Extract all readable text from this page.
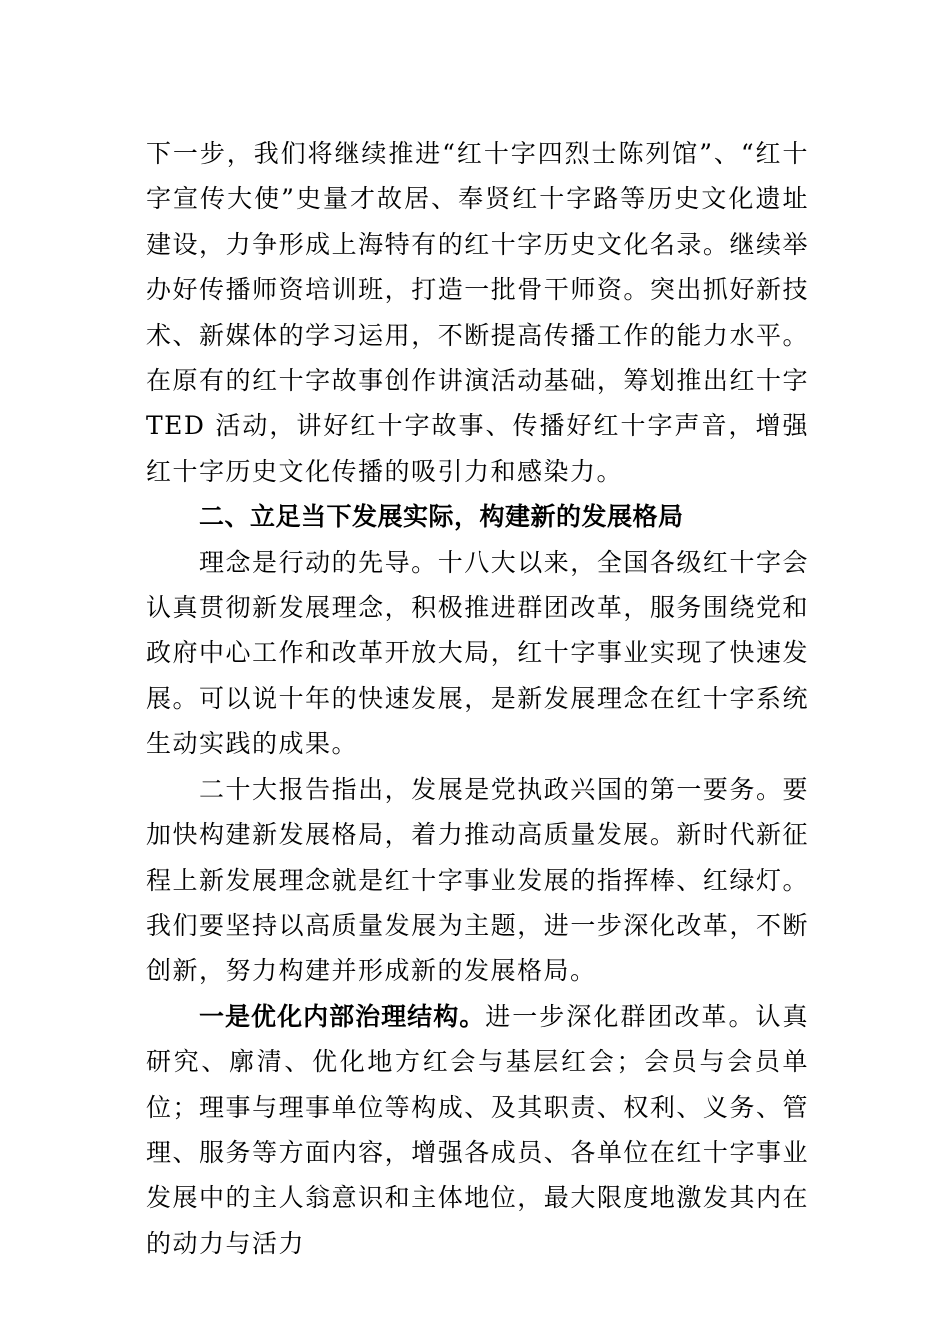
下一步，我们将继续推进“红十字四烈士陈列馆”、“红十字宣传大使”史量才故居、奉贤红十字路等历史文化遗址建设，力争形成上海特有的红十字历史文化名录。继续举办好传播师资培训班，打造一批骨干师资。突出抓好新技术、新媒体的学习运用，不断提高传播工作的能力水平。在原有的红十字故事创作讲演活动基础，筹划推出红十字 TED 活动，讲好红十字故事、传播好红十字声音，增强红十字历史文化传播的吸引力和感染力。

二、立足当下发展实际，构建新的发展格局

理念是行动的先导。十八大以来，全国各级红十字会认真贯彻新发展理念，积极推进群团改革，服务围绕党和政府中心工作和改革开放大局，红十字事业实现了快速发展。可以说十年的快速发展，是新发展理念在红十字系统生动实践的成果。

二十大报告指出，发展是党执政兴国的第一要务。要加快构建新发展格局，着力推动高质量发展。新时代新征程上新发展理念就是红十字事业发展的指挥棒、红绿灯。我们要坚持以高质量发展为主题，进一步深化改革，不断创新，努力构建并形成新的发展格局。

一是优化内部治理结构。进一步深化群团改革。认真研究、廓清、优化地方红会与基层红会；会员与会员单位；理事与理事单位等构成、及其职责、权利、义务、管理、服务等方面内容，增强各成员、各单位在红十字事业发展中的主人翁意识和主体地位，最大限度地激发其内在的动力与活力
